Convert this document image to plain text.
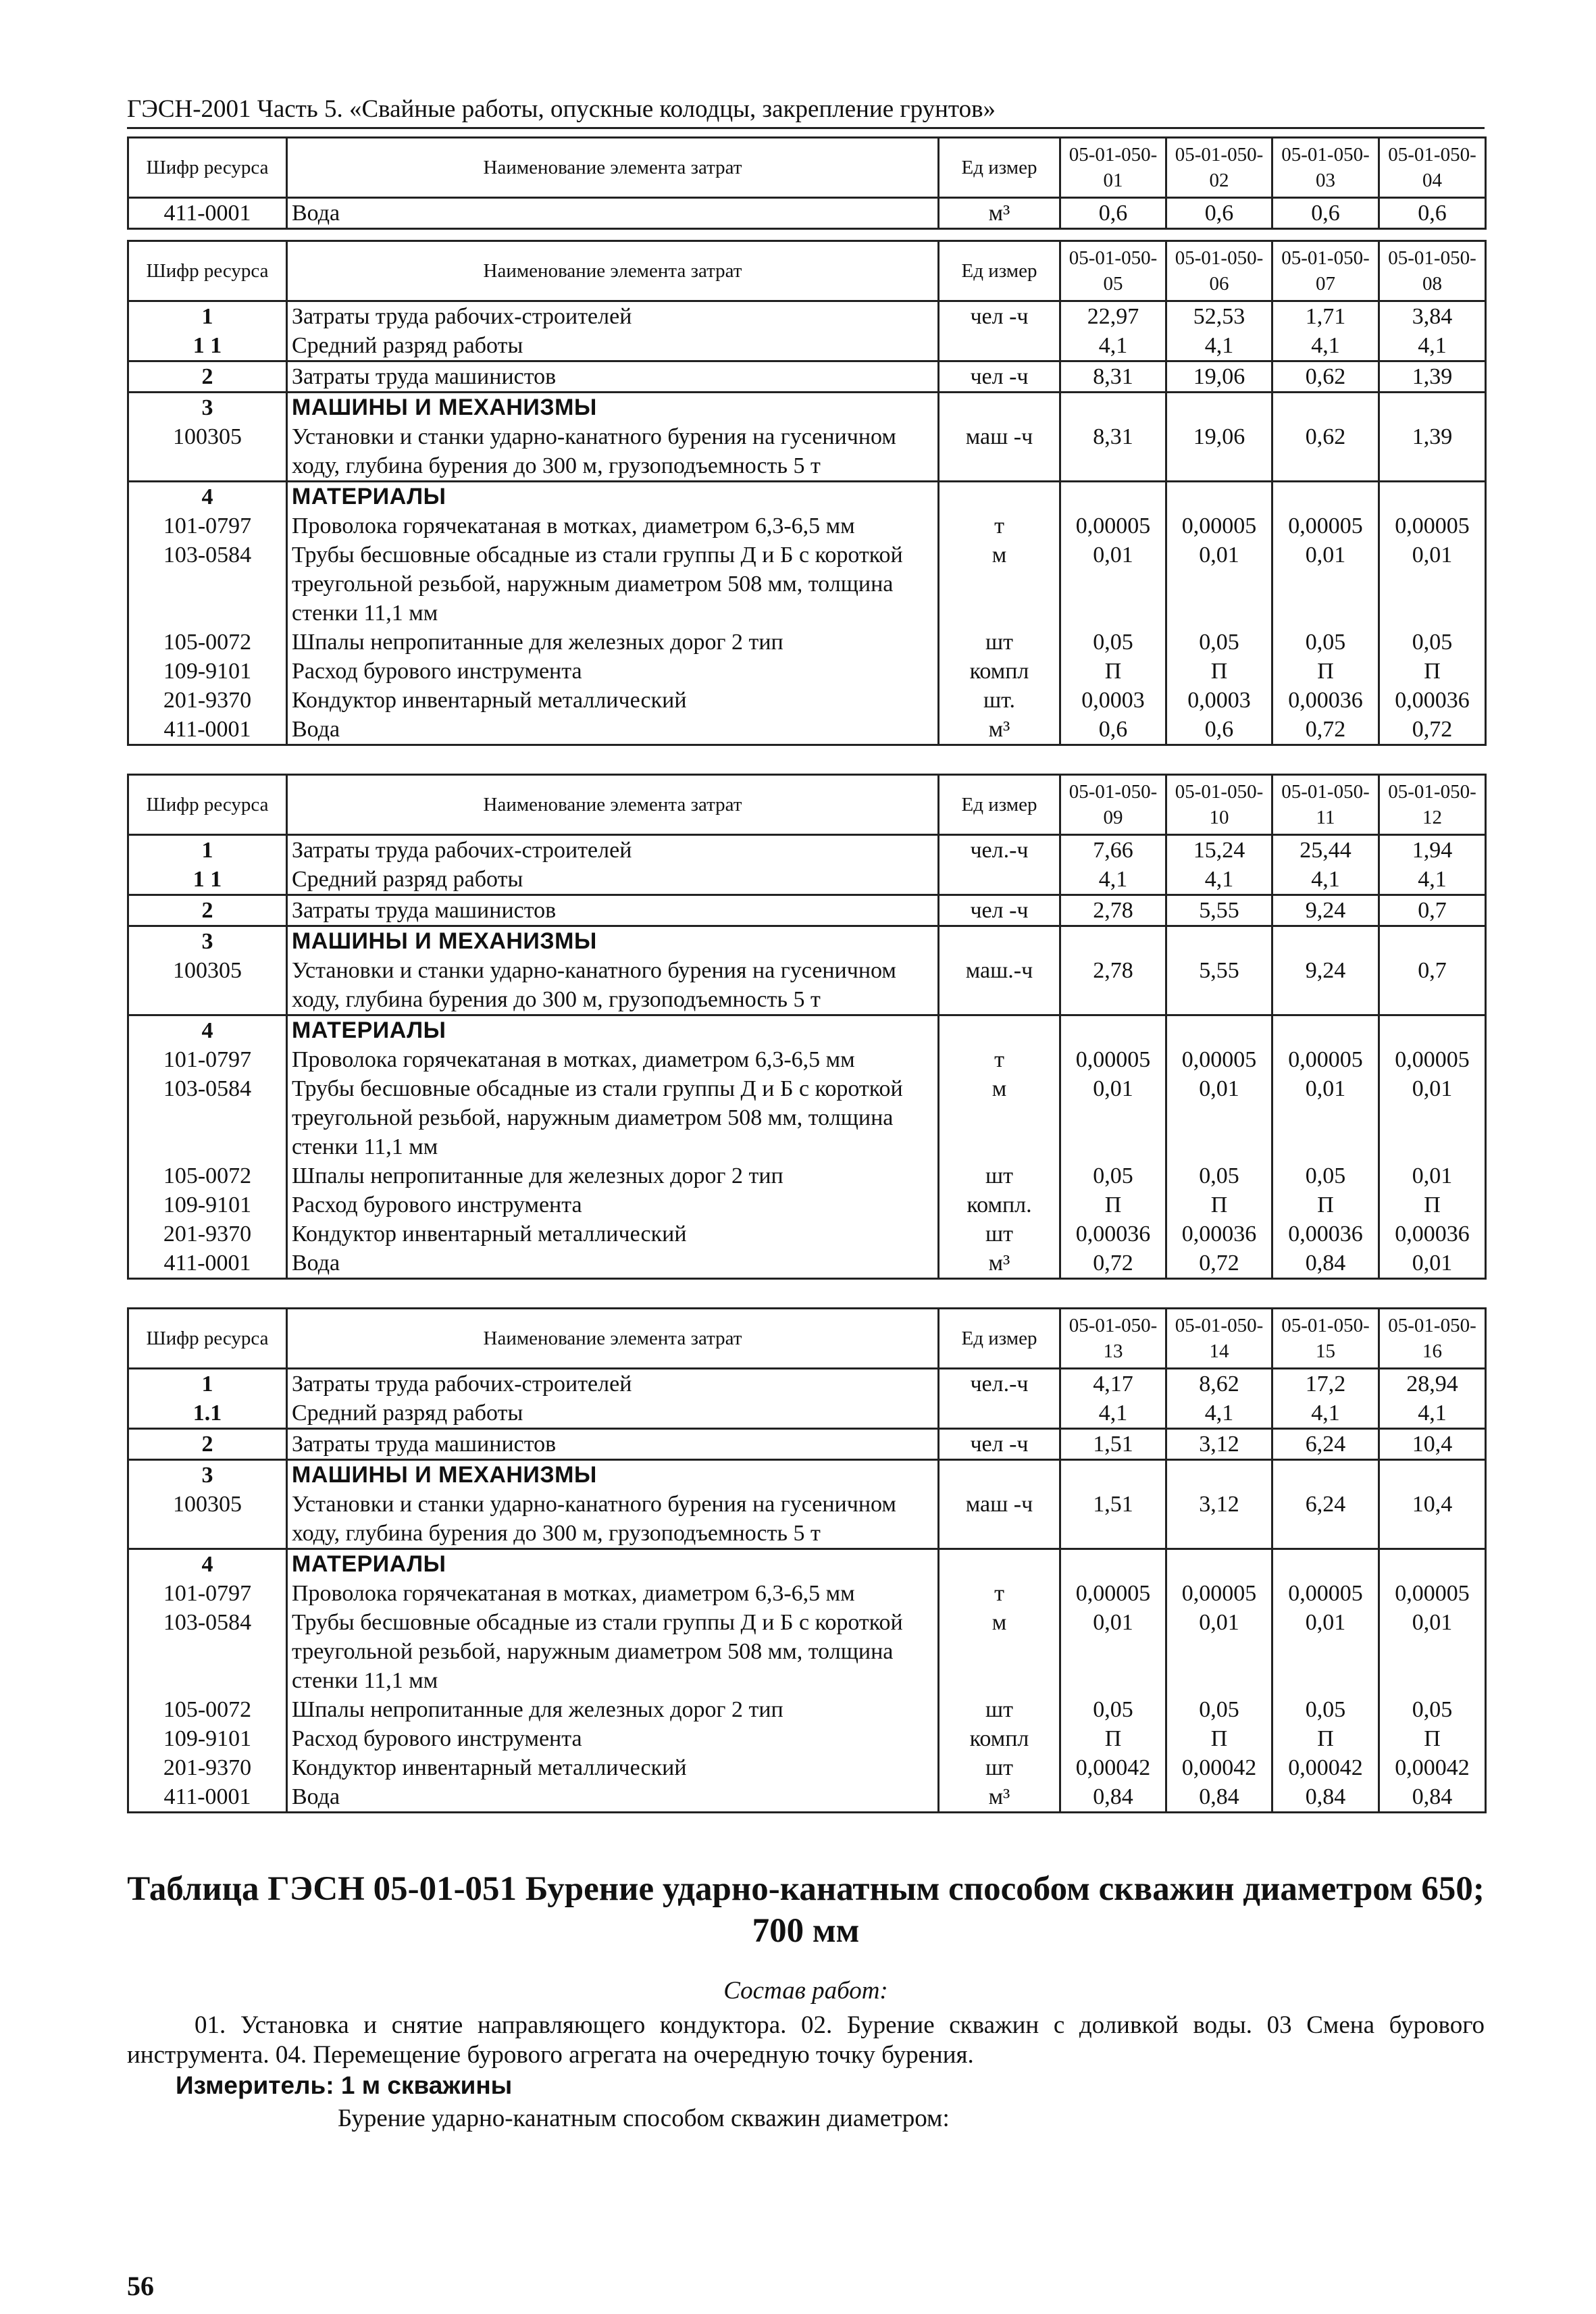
ГЭСН-2001 Часть 5. «Свайные работы, опускные колодцы, закрепление грунтов»
Шифр ресурса	Наименование элемента затрат	Ед измер	05-01-050-01	05-01-050-02	05-01-050-03	05-01-050-04
411-0001	Вода	м³	0,6	0,6	0,6	0,6
Шифр ресурса	Наименование элемента затрат	Ед измер	05-01-050-05	05-01-050-06	05-01-050-07	05-01-050-08
1	Затраты труда рабочих-строителей	чел -ч	22,97	52,53	1,71	3,84
1 1	Средний разряд работы		4,1	4,1	4,1	4,1
2	Затраты труда машинистов	чел -ч	8,31	19,06	0,62	1,39
3	МАШИНЫ И МЕХАНИЗМЫ					
100305	Установки и станки ударно-канатного бурения на гусеничном ходу, глубина бурения до 300 м, грузоподъемность 5 т	маш -ч	8,31	19,06	0,62	1,39
4	МАТЕРИАЛЫ					
101-0797	Проволока горячекатаная в мотках, диаметром 6,3-6,5 мм	т	0,00005	0,00005	0,00005	0,00005
103-0584	Трубы бесшовные обсадные из стали группы Д и Б с короткой треугольной резьбой, наружным диаметром 508 мм, толщина стенки 11,1 мм	м	0,01	0,01	0,01	0,01
105-0072	Шпалы непропитанные для железных дорог 2 тип	шт	0,05	0,05	0,05	0,05
109-9101	Расход бурового инструмента	компл	П	П	П	П
201-9370	Кондуктор инвентарный металлический	шт.	0,0003	0,0003	0,00036	0,00036
411-0001	Вода	м³	0,6	0,6	0,72	0,72
Шифр ресурса	Наименование элемента затрат	Ед измер	05-01-050-09	05-01-050-10	05-01-050-11	05-01-050-12
1	Затраты труда рабочих-строителей	чел.-ч	7,66	15,24	25,44	1,94
1 1	Средний разряд работы		4,1	4,1	4,1	4,1
2	Затраты труда машинистов	чел -ч	2,78	5,55	9,24	0,7
3	МАШИНЫ И МЕХАНИЗМЫ					
100305	Установки и станки ударно-канатного бурения на гусеничном ходу, глубина бурения до 300 м, грузоподъемность 5 т	маш.-ч	2,78	5,55	9,24	0,7
4	МАТЕРИАЛЫ					
101-0797	Проволока горячекатаная в мотках, диаметром 6,3-6,5 мм	т	0,00005	0,00005	0,00005	0,00005
103-0584	Трубы бесшовные обсадные из стали группы Д и Б с короткой треугольной резьбой, наружным диаметром 508 мм, толщина стенки 11,1 мм	м	0,01	0,01	0,01	0,01
105-0072	Шпалы непропитанные для железных дорог 2 тип	шт	0,05	0,05	0,05	0,01
109-9101	Расход бурового инструмента	компл.	П	П	П	П
201-9370	Кондуктор инвентарный металлический	шт	0,00036	0,00036	0,00036	0,00036
411-0001	Вода	м³	0,72	0,72	0,84	0,01
Шифр ресурса	Наименование элемента затрат	Ед измер	05-01-050-13	05-01-050-14	05-01-050-15	05-01-050-16
1	Затраты труда рабочих-строителей	чел.-ч	4,17	8,62	17,2	28,94
1.1	Средний разряд работы		4,1	4,1	4,1	4,1
2	Затраты труда машинистов	чел -ч	1,51	3,12	6,24	10,4
3	МАШИНЫ И МЕХАНИЗМЫ					
100305	Установки и станки ударно-канатного бурения на гусеничном ходу, глубина бурения до 300 м, грузоподъемность 5 т	маш -ч	1,51	3,12	6,24	10,4
4	МАТЕРИАЛЫ					
101-0797	Проволока горячекатаная в мотках, диаметром 6,3-6,5 мм	т	0,00005	0,00005	0,00005	0,00005
103-0584	Трубы бесшовные обсадные из стали группы Д и Б с короткой треугольной резьбой, наружным диаметром 508 мм, толщина стенки 11,1 мм	м	0,01	0,01	0,01	0,01
105-0072	Шпалы непропитанные для железных дорог 2 тип	шт	0,05	0,05	0,05	0,05
109-9101	Расход бурового инструмента	компл	П	П	П	П
201-9370	Кондуктор инвентарный металлический	шт	0,00042	0,00042	0,00042	0,00042
411-0001	Вода	м³	0,84	0,84	0,84	0,84
Таблица ГЭСН 05-01-051 Бурение ударно-канатным способом скважин диаметром 650; 700 мм
Состав работ:
01. Установка и снятие направляющего кондуктора. 02. Бурение скважин с доливкой воды. 03 Смена бурового инструмента. 04. Перемещение бурового агрегата на очередную точку бурения.
Измеритель: 1 м скважины
Бурение ударно-канатным способом скважин диаметром:
56
